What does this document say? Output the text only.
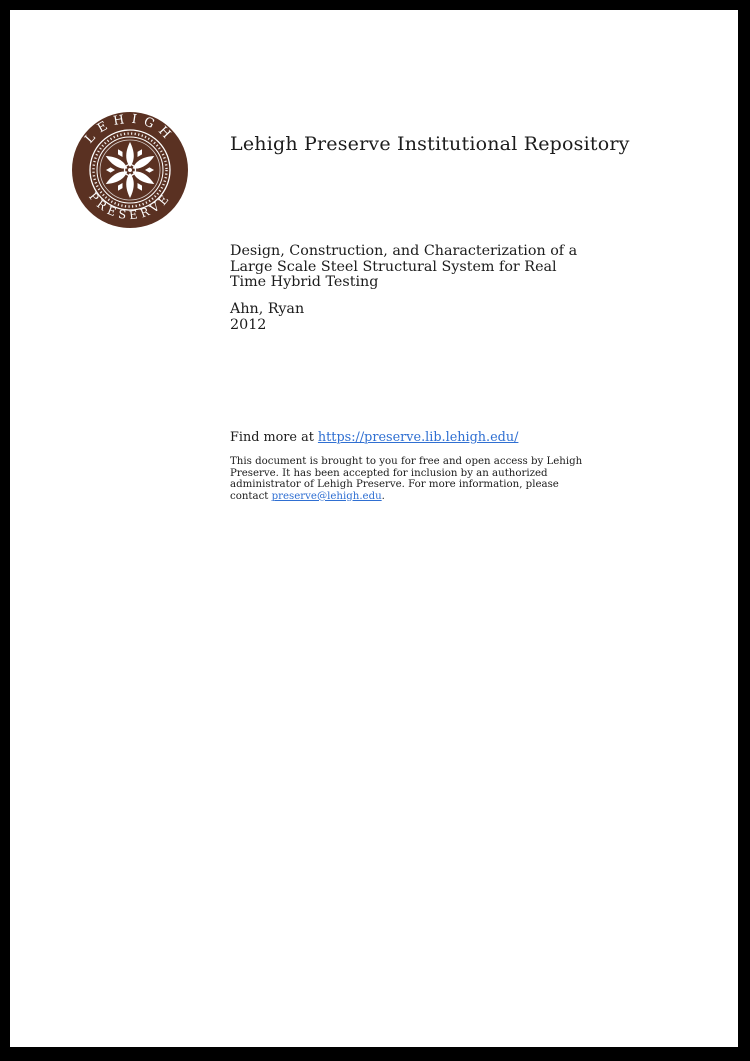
LEHIGH
PRESERVE
Lehigh Preserve Institutional Repository
Design, Construction, and Characterization of a Large Scale Steel Structural System for Real Time Hybrid Testing
Ahn, Ryan
2012
Find more at https://preserve.lib.lehigh.edu/
This document is brought to you for free and open access by Lehigh Preserve. It has been accepted for inclusion by an authorized administrator of Lehigh Preserve. For more information, please contact preserve@lehigh.edu.
